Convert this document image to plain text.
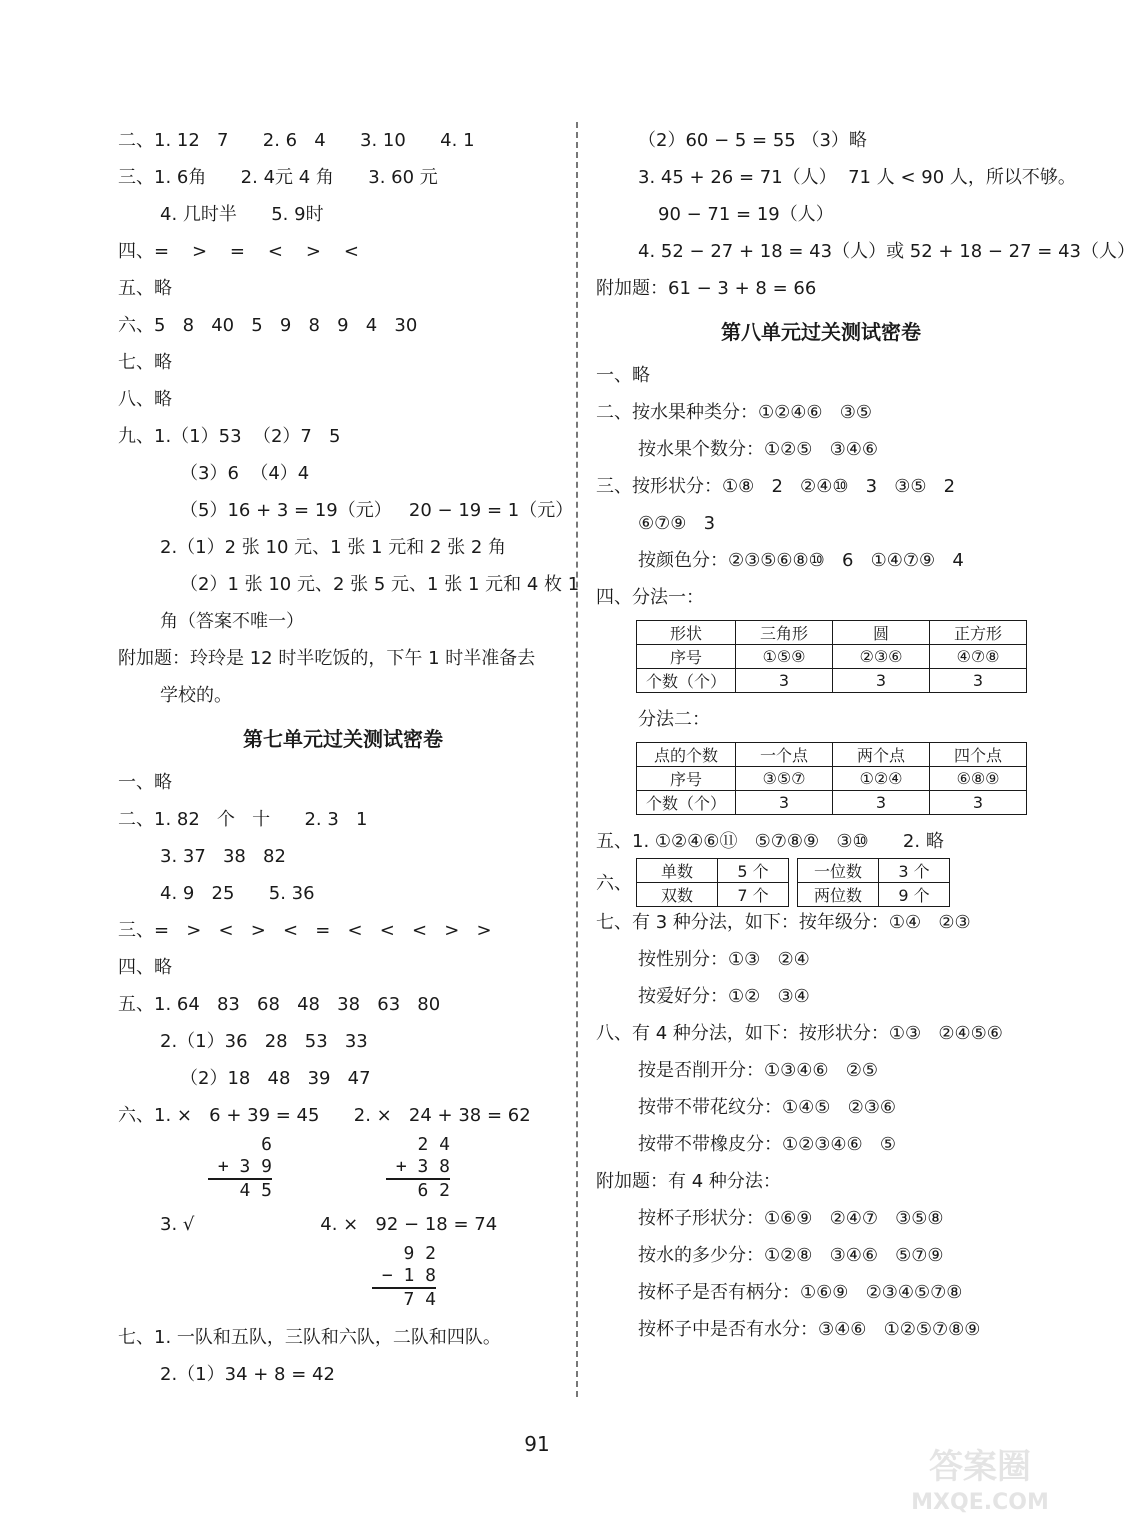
二、1. 12   7      2. 6   4      3. 10      4. 1
三、1. 6角      2. 4元 4 角      3. 60 元
4. 几时半      5. 9时
四、=    >    =    <    >    <
五、略
六、5   8   40   5   9   8   9   4   30
七、略
八、略
九、1.（1）53  （2）7   5
（3）6  （4）4
（5）16 + 3 = 19（元）   20 − 19 = 1（元）
2.（1）2 张 10 元、1 张 1 元和 2 张 2 角
（2）1 张 10 元、2 张 5 元、1 张 1 元和 4 枚 1
角（答案不唯一）
附加题：玲玲是 12 时半吃饭的，下午 1 时半准备去
学校的。
第七单元过关测试密卷
一、略
二、1. 82   个   十      2. 3   1
3. 37   38   82
4. 9   25      5. 36
三、=   >   <   >   <   =   <   <   <   >   >
四、略
五、1. 64   83   68   48   38   63   80
2.（1）36   28   53   33
（2）18   48   39   47
六、1. ×   6 + 39 = 45      2. ×   24 + 38 = 62
6
+ 3 9
4 5
2 4
+ 3 8
6 2
3. √                      4. ×   92 − 18 = 74
9 2
− 1 8
7 4
七、1. 一队和五队，三队和六队，二队和四队。
2.（1）34 + 8 = 42
（2）60 − 5 = 55 （3）略
3. 45 + 26 = 71（人）  71 人 < 90 人，所以不够。
90 − 71 = 19（人）
4. 52 − 27 + 18 = 43（人）或 52 + 18 − 27 = 43（人）
附加题：61 − 3 + 8 = 66
第八单元过关测试密卷
一、略
二、按水果种类分：①②④⑥   ③⑤
按水果个数分：①②⑤   ③④⑥
三、按形状分：①⑧   2   ②④⑩   3   ③⑤   2
⑥⑦⑨   3
按颜色分：②③⑤⑥⑧⑩   6   ①④⑦⑨   4
四、分法一：
形状	三角形	圆	正方形
序号	①⑤⑨	②③⑥	④⑦⑧
个数（个）	3	3	3
分法二：
点的个数	一个点	两个点	四个点
序号	③⑤⑦	①②④	⑥⑧⑨
个数（个）	3	3	3
五、1. ①②④⑥⑪   ⑤⑦⑧⑨   ③⑩      2. 略
六、
单数	5 个
双数	7 个
一位数	3 个
两位数	9 个
七、有 3 种分法，如下：按年级分：①④   ②③
按性别分：①③   ②④
按爱好分：①②   ③④
八、有 4 种分法，如下：按形状分：①③   ②④⑤⑥
按是否削开分：①③④⑥   ②⑤
按带不带花纹分：①④⑤   ②③⑥
按带不带橡皮分：①②③④⑥   ⑤
附加题：有 4 种分法：
按杯子形状分：①⑥⑨   ②④⑦   ③⑤⑧
按水的多少分：①②⑧   ③④⑥   ⑤⑦⑨
按杯子是否有柄分：①⑥⑨   ②③④⑤⑦⑧
按杯子中是否有水分：③④⑥   ①②⑤⑦⑧⑨
91
答案圈
MXQE.COM
